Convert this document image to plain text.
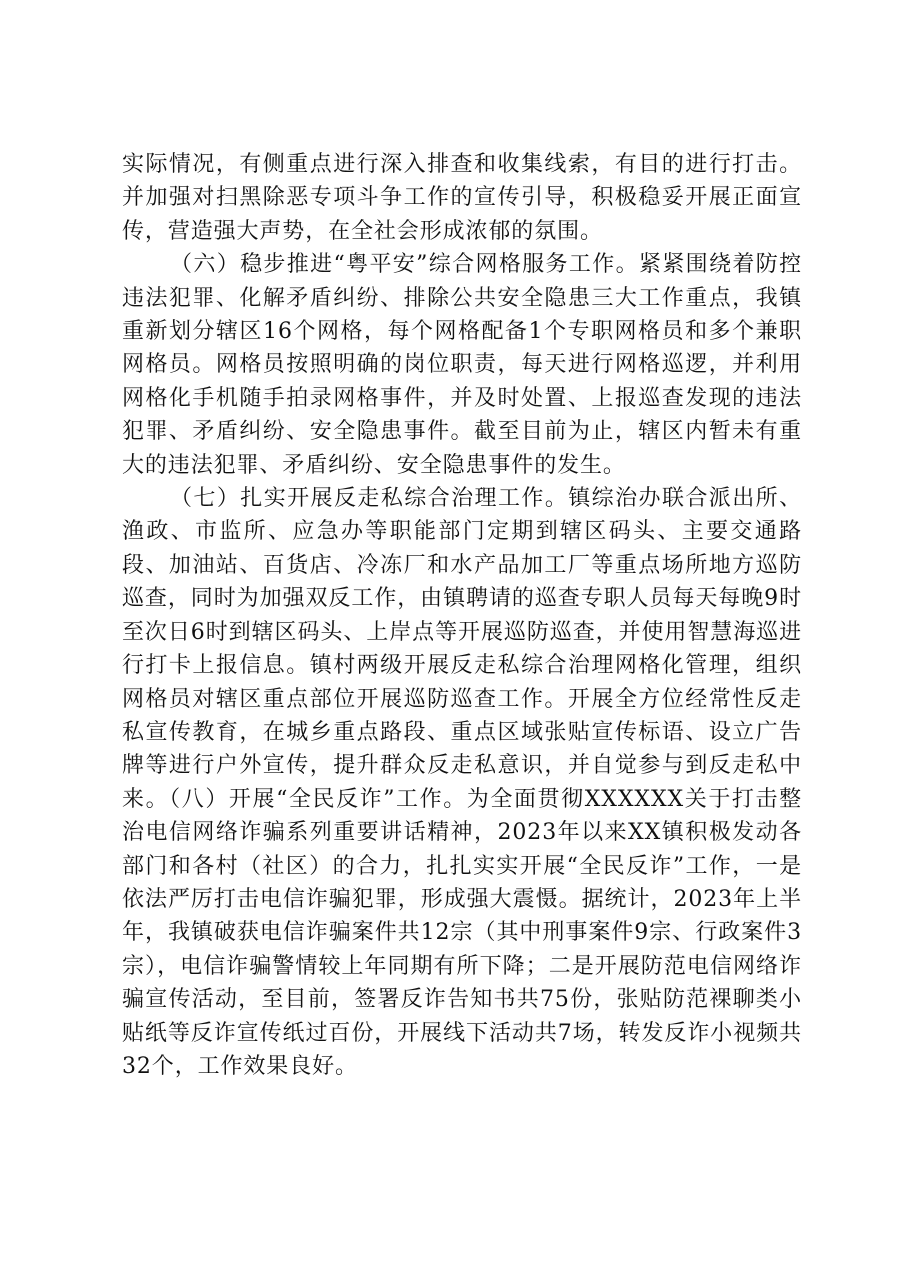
实际情况，有侧重点进行深入排查和收集线索，有目的进行打击。并加强对扫黑除恶专项斗争工作的宣传引导，积极稳妥开展正面宣传，营造强大声势，在全社会形成浓郁的氛围。

（六）稳步推进“粤平安”综合网格服务工作。紧紧围绕着防控违法犯罪、化解矛盾纠纷、排除公共安全隐患三大工作重点，我镇重新划分辖区16个网格，每个网格配备1个专职网格员和多个兼职网格员。网格员按照明确的岗位职责，每天进行网格巡逻，并利用网格化手机随手拍录网格事件，并及时处置、上报巡查发现的违法犯罪、矛盾纠纷、安全隐患事件。截至目前为止，辖区内暂未有重大的违法犯罪、矛盾纠纷、安全隐患事件的发生。

（七）扎实开展反走私综合治理工作。镇综治办联合派出所、渔政、市监所、应急办等职能部门定期到辖区码头、主要交通路段、加油站、百货店、冷冻厂和水产品加工厂等重点场所地方巡防巡查，同时为加强双反工作，由镇聘请的巡查专职人员每天每晚9时至次日6时到辖区码头、上岸点等开展巡防巡查，并使用智慧海巡进行打卡上报信息。镇村两级开展反走私综合治理网格化管理，组织网格员对辖区重点部位开展巡防巡查工作。开展全方位经常性反走私宣传教育，在城乡重点路段、重点区域张贴宣传标语、设立广告牌等进行户外宣传，提升群众反走私意识，并自觉参与到反走私中来。（八）开展“全民反诈”工作。为全面贯彻XXXXXX关于打击整治电信网络诈骗系列重要讲话精神，2023年以来XX镇积极发动各部门和各村（社区）的合力，扎扎实实开展“全民反诈”工作，一是依法严厉打击电信诈骗犯罪，形成强大震慑。据统计，2023年上半年，我镇破获电信诈骗案件共12宗（其中刑事案件9宗、行政案件3宗），电信诈骗警情较上年同期有所下降；二是开展防范电信网络诈骗宣传活动，至目前，签署反诈告知书共75份，张贴防范裸聊类小贴纸等反诈宣传纸过百份，开展线下活动共7场，转发反诈小视频共32个，工作效果良好。
